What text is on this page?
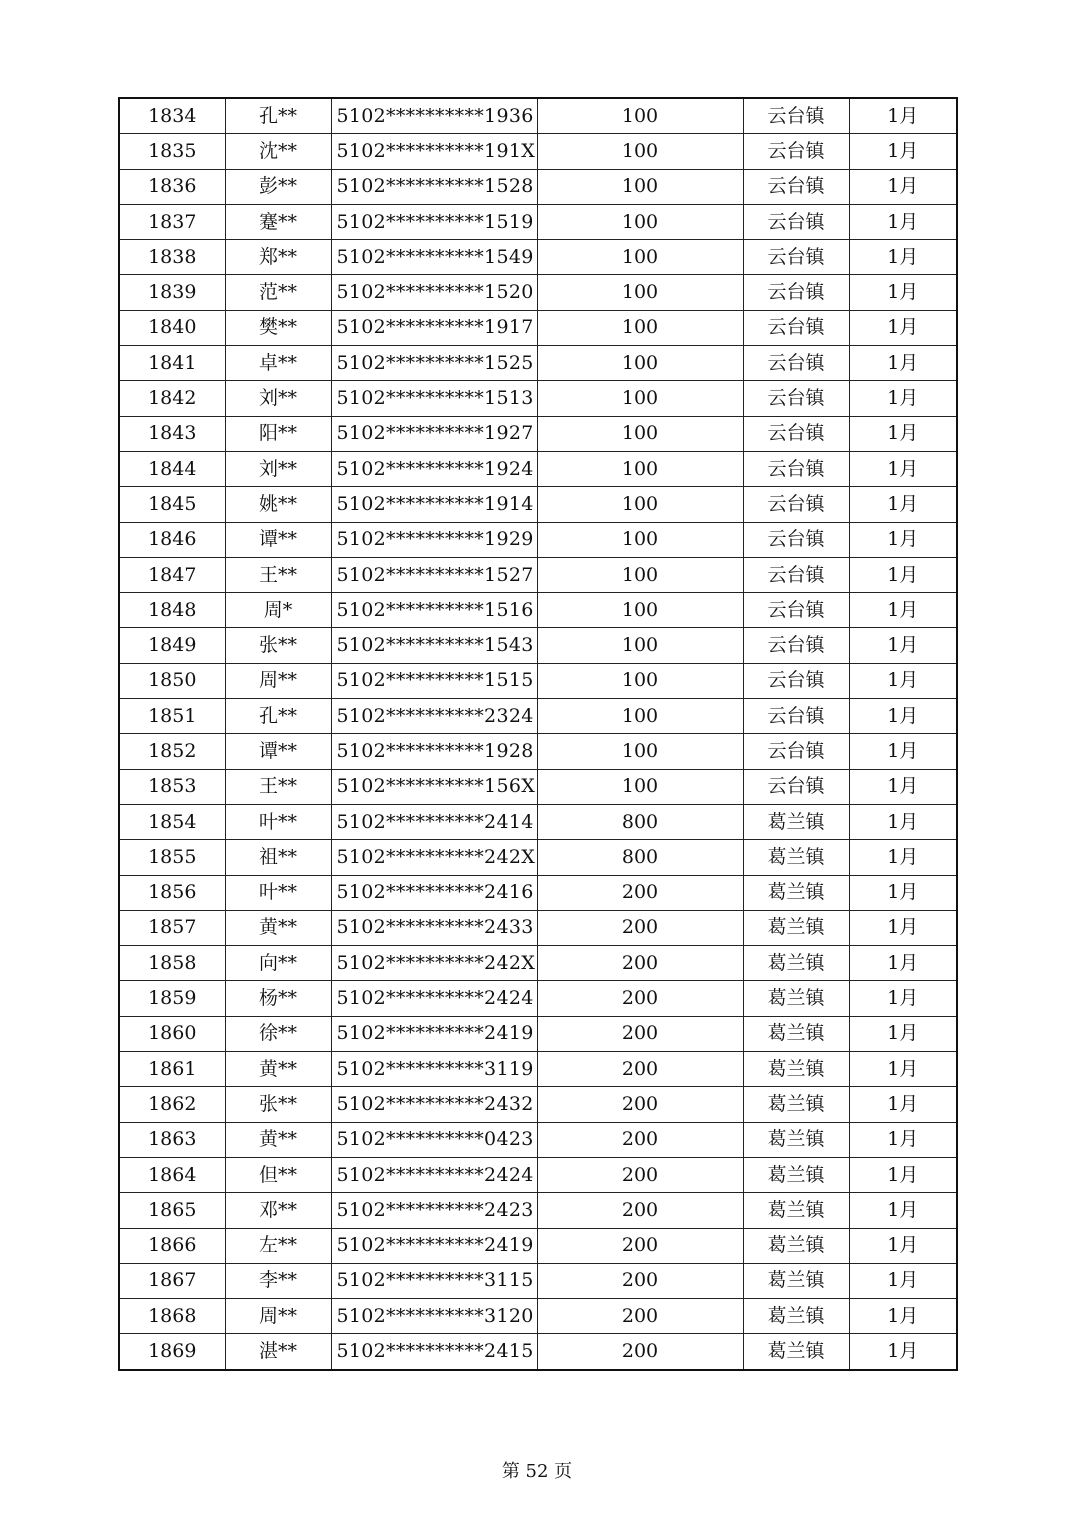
1834	孔**	5102**********1936	100	云台镇	1月
1835	沈**	5102**********191X	100	云台镇	1月
1836	彭**	5102**********1528	100	云台镇	1月
1837	蹇**	5102**********1519	100	云台镇	1月
1838	郑**	5102**********1549	100	云台镇	1月
1839	范**	5102**********1520	100	云台镇	1月
1840	樊**	5102**********1917	100	云台镇	1月
1841	卓**	5102**********1525	100	云台镇	1月
1842	刘**	5102**********1513	100	云台镇	1月
1843	阳**	5102**********1927	100	云台镇	1月
1844	刘**	5102**********1924	100	云台镇	1月
1845	姚**	5102**********1914	100	云台镇	1月
1846	谭**	5102**********1929	100	云台镇	1月
1847	王**	5102**********1527	100	云台镇	1月
1848	周*	5102**********1516	100	云台镇	1月
1849	张**	5102**********1543	100	云台镇	1月
1850	周**	5102**********1515	100	云台镇	1月
1851	孔**	5102**********2324	100	云台镇	1月
1852	谭**	5102**********1928	100	云台镇	1月
1853	王**	5102**********156X	100	云台镇	1月
1854	叶**	5102**********2414	800	葛兰镇	1月
1855	祖**	5102**********242X	800	葛兰镇	1月
1856	叶**	5102**********2416	200	葛兰镇	1月
1857	黄**	5102**********2433	200	葛兰镇	1月
1858	向**	5102**********242X	200	葛兰镇	1月
1859	杨**	5102**********2424	200	葛兰镇	1月
1860	徐**	5102**********2419	200	葛兰镇	1月
1861	黄**	5102**********3119	200	葛兰镇	1月
1862	张**	5102**********2432	200	葛兰镇	1月
1863	黄**	5102**********0423	200	葛兰镇	1月
1864	但**	5102**********2424	200	葛兰镇	1月
1865	邓**	5102**********2423	200	葛兰镇	1月
1866	左**	5102**********2419	200	葛兰镇	1月
1867	李**	5102**********3115	200	葛兰镇	1月
1868	周**	5102**********3120	200	葛兰镇	1月
1869	湛**	5102**********2415	200	葛兰镇	1月
第 52 页
